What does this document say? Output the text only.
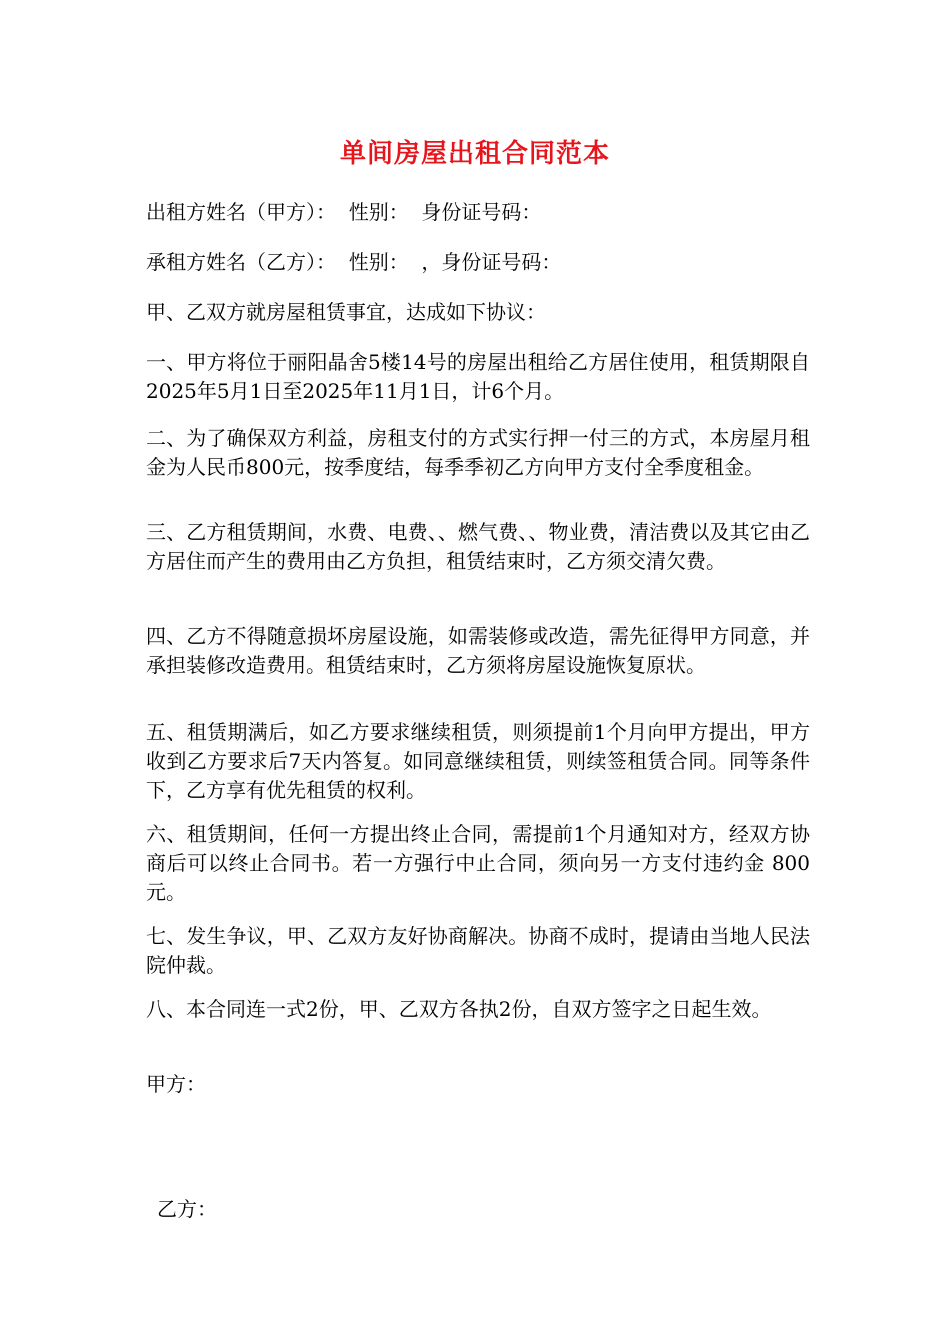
单间房屋出租合同范本
出租方姓名（甲方）：  性别：  身份证号码：
承租方姓名（乙方）：  性别：  ，身份证号码：
甲、乙双方就房屋租赁事宜，达成如下协议：
一、甲方将位于丽阳晶舍5楼14号的房屋出租给乙方居住使用，租赁期限自2025年5月1日至2025年11月1日，计6个月。
二、为了确保双方利益，房租支付的方式实行押一付三的方式，本房屋月租金为人民币800元，按季度结，每季季初乙方向甲方支付全季度租金。
三、乙方租赁期间，水费、电费、、燃气费、、物业费，清洁费以及其它由乙方居住而产生的费用由乙方负担，租赁结束时，乙方须交清欠费。
四、乙方不得随意损坏房屋设施，如需装修或改造，需先征得甲方同意，并承担装修改造费用。租赁结束时，乙方须将房屋设施恢复原状。
五、租赁期满后，如乙方要求继续租赁，则须提前1个月向甲方提出，甲方收到乙方要求后7天内答复。如同意继续租赁，则续签租赁合同。同等条件下，乙方享有优先租赁的权利。
六、租赁期间，任何一方提出终止合同，需提前1个月通知对方，经双方协商后可以终止合同书。若一方强行中止合同，须向另一方支付违约金 800元。
七、发生争议，甲、乙双方友好协商解决。协商不成时，提请由当地人民法院仲裁。
八、本合同连一式2份，甲、乙双方各执2份，自双方签字之日起生效。
甲方：
乙方：
